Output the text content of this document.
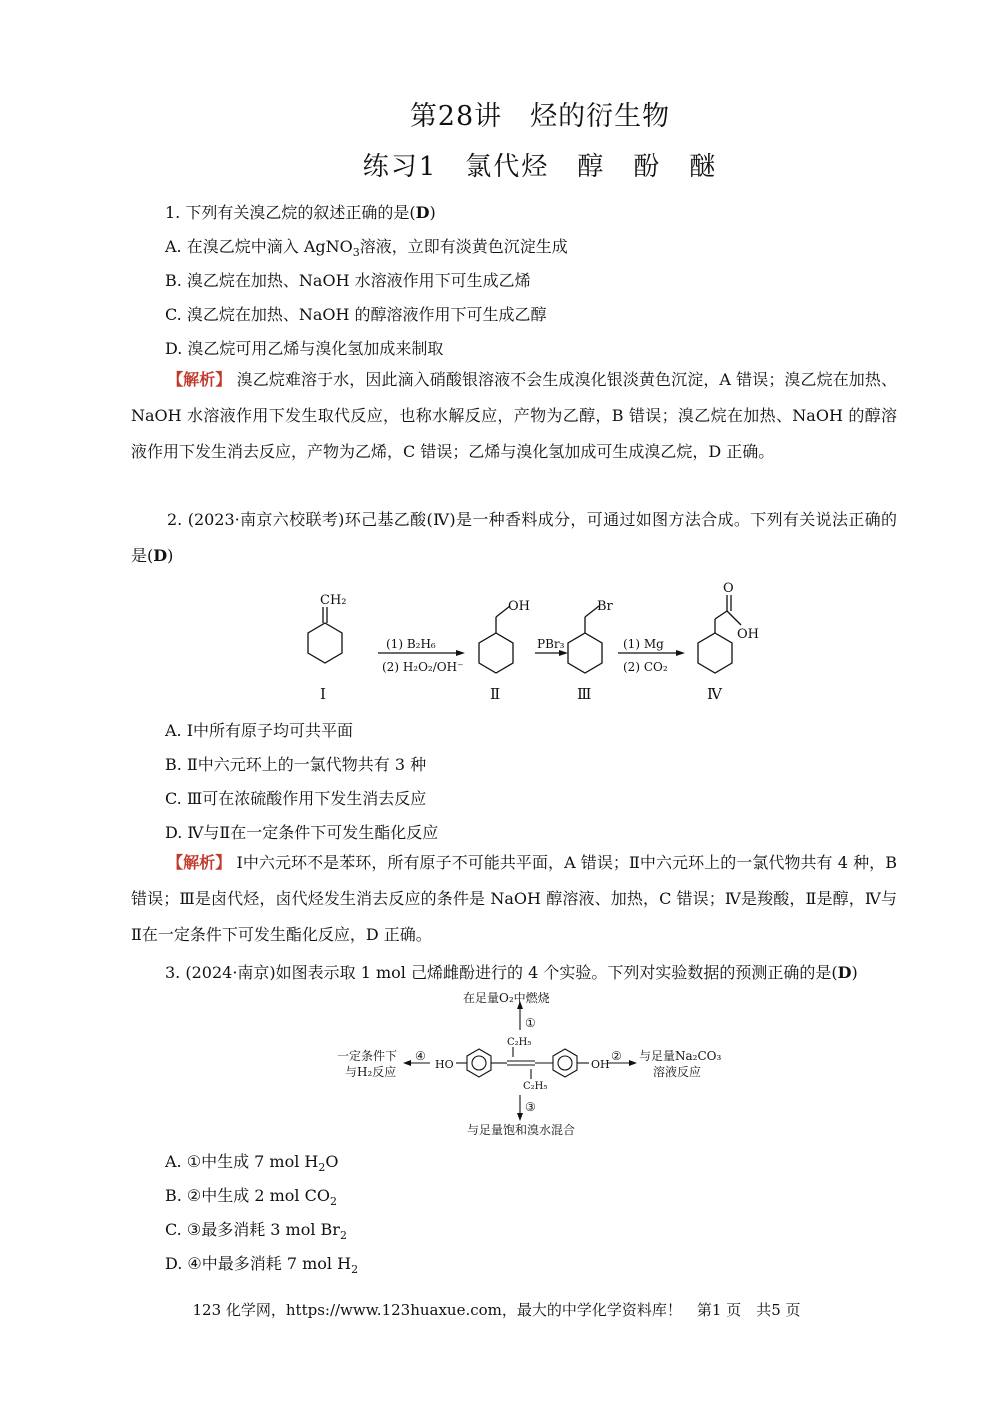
第28讲　烃的衍生物
练习1　氯代烃　醇　酚　醚
1. 下列有关溴乙烷的叙述正确的是(D)
A. 在溴乙烷中滴入 AgNO$_3$溶液，立即有淡黄色沉淀生成
B. 溴乙烷在加热、NaOH 水溶液作用下可生成乙烯
C. 溴乙烷在加热、NaOH 的醇溶液作用下可生成乙醇
D. 溴乙烷可用乙烯与溴化氢加成来制取
【解析】 溴乙烷难溶于水，因此滴入硝酸银溶液不会生成溴化银淡黄色沉淀，A 错误；溴乙烷在加热、NaOH 水溶液作用下发生取代反应，也称水解反应，产物为乙醇，B 错误；溴乙烷在加热、NaOH 的醇溶液作用下发生消去反应，产物为乙烯，C 错误；乙烯与溴化氢加成可生成溴乙烷，D 正确。
2. (2023·南京六校联考)环己基乙酸(Ⅳ)是一种香料成分，可通过如图方法合成。下列有关说法正确的是(D)
CH₂	OH	Br
O
OH
(1) B₂H₆
(2) H₂O₂/OH⁻
PBr₃	(1) Mg
(2) CO₂
Ⅰ	Ⅱ	Ⅲ	Ⅳ
A. Ⅰ中所有原子均可共平面
B. Ⅱ中六元环上的一氯代物共有 3 种
C. Ⅲ可在浓硫酸作用下发生消去反应
D. Ⅳ与Ⅱ在一定条件下可发生酯化反应
【解析】 Ⅰ中六元环不是苯环，所有原子不可能共平面，A 错误；Ⅱ中六元环上的一氯代物共有 4 种，B 错误；Ⅲ是卤代烃，卤代烃发生消去反应的条件是 NaOH 醇溶液、加热，C 错误；Ⅳ是羧酸，Ⅱ是醇，Ⅳ与Ⅱ在一定条件下可发生酯化反应，D 正确。
3. (2024·南京)如图表示取 1 mol 己烯雌酚进行的 4 个实验。下列对实验数据的预测正确的是(D)
在足量O₂中燃烧
①
C₂H₅
HO	OH
C₂H₅
③
与足量饱和溴水混合
④
一定条件下
与H₂反应
② 与足量Na₂CO₃
溶液反应
A. ①中生成 7 mol $H_2O$
B. ②中生成 2 mol $CO_2$
C. ③最多消耗 3 mol $Br_2$
D. ④中最多消耗 7 mol $H_2$
123 化学网，https://www.123huaxue.com，最大的中学化学资料库！　第1 页　共5 页
